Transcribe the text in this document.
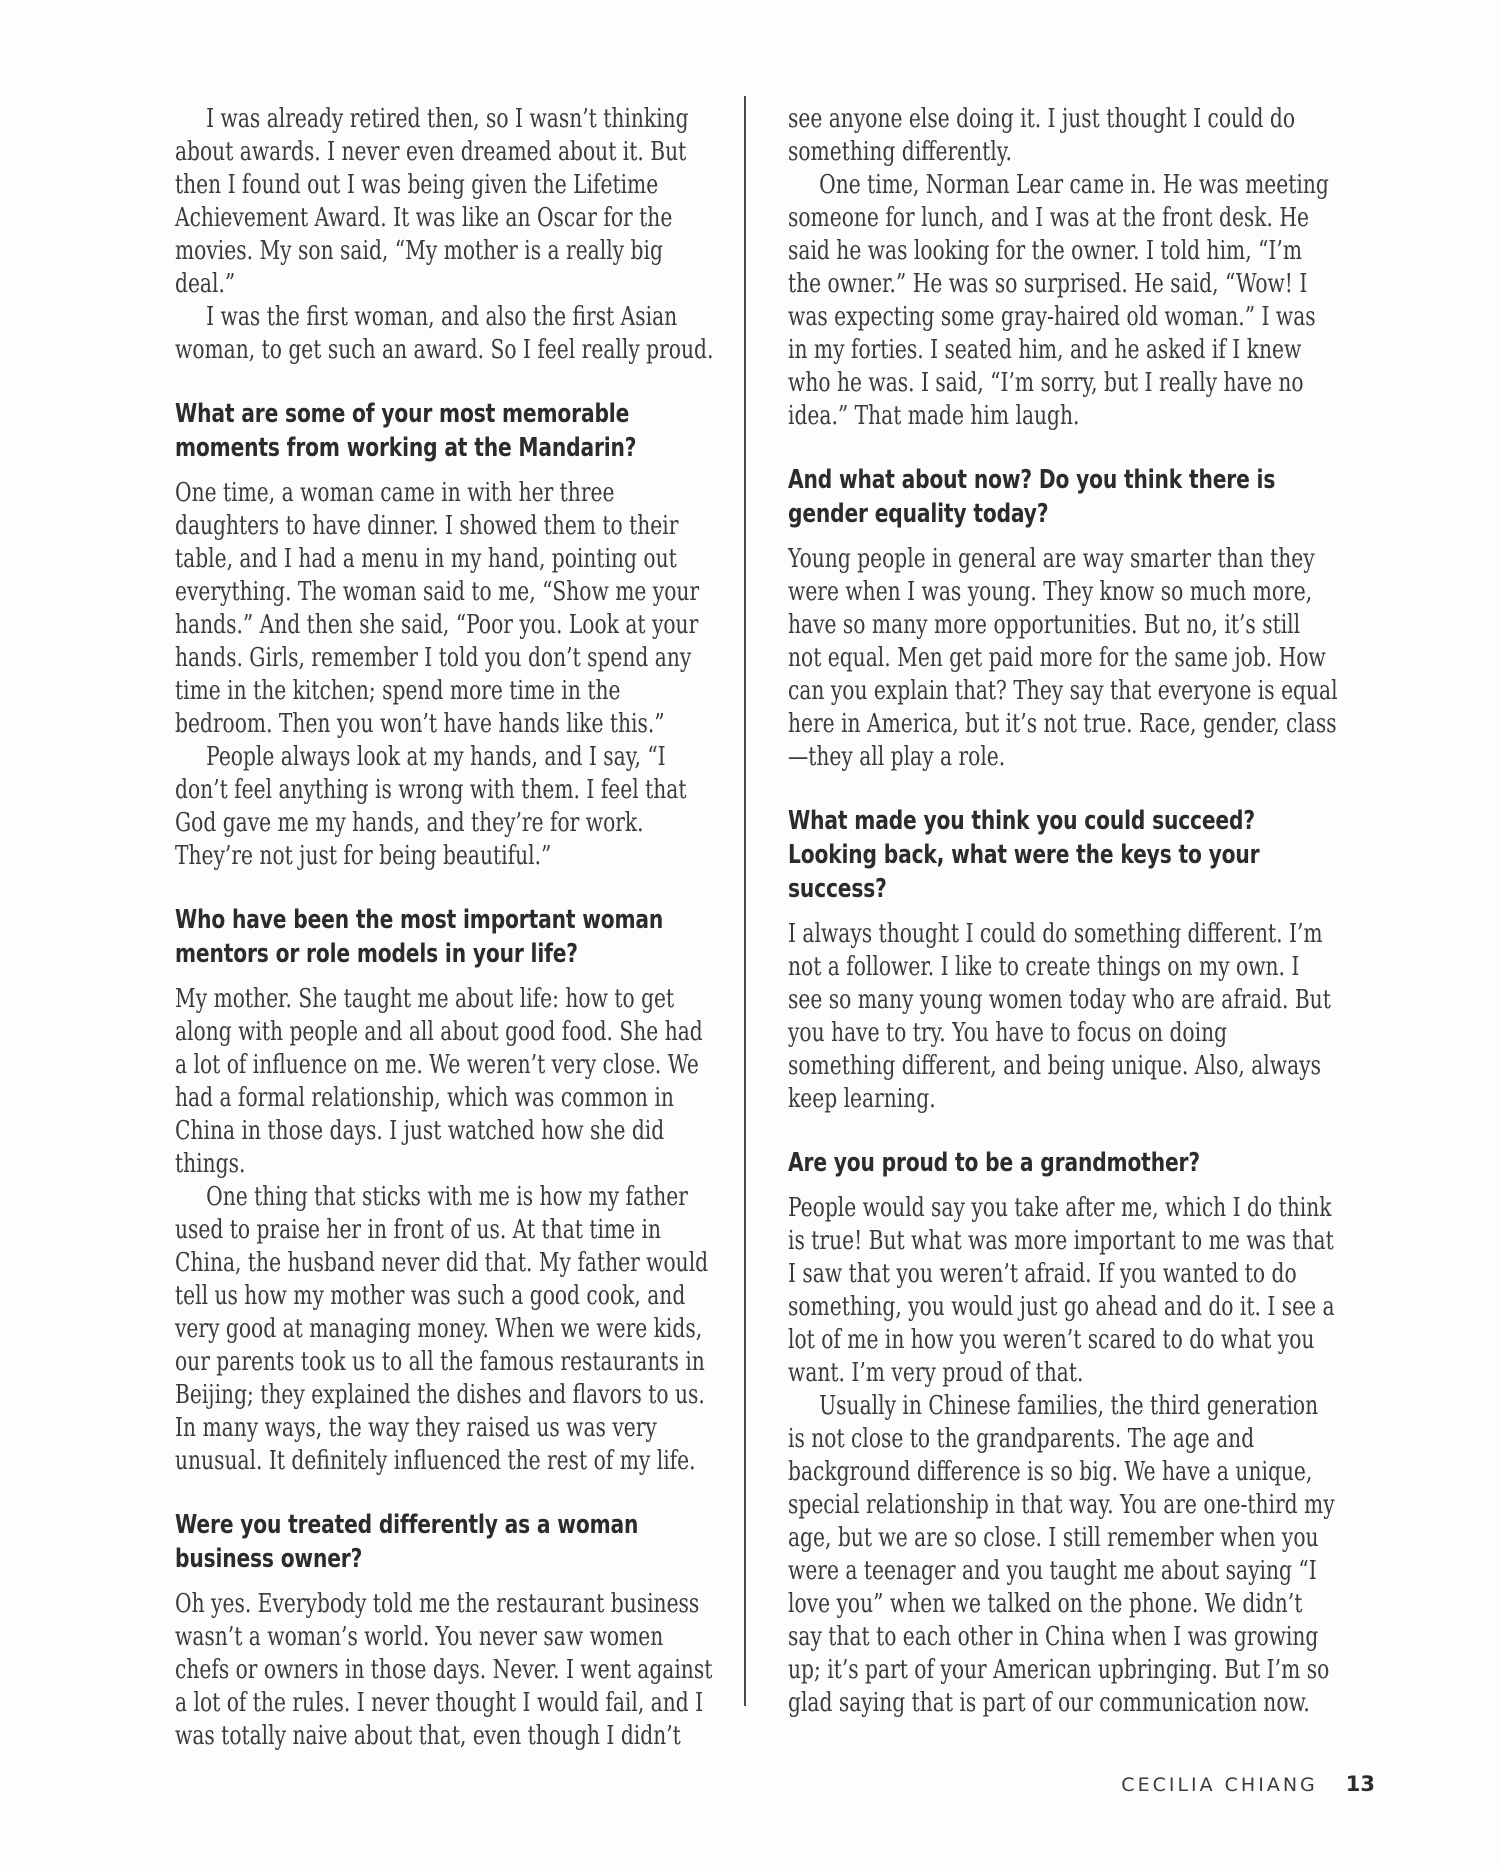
I was already retired then, so I wasn’t thinking about awards. I never even dreamed about it. But then I found out I was being given the Lifetime Achievement Award. It was like an Oscar for the movies. My son said, “My mother is a really big deal.”
I was the first woman, and also the first Asian woman, to get such an award. So I feel really proud.
What are some of your most memorable moments from working at the Mandarin?
One time, a woman came in with her three daughters to have dinner. I showed them to their table, and I had a menu in my hand, pointing out everything. The woman said to me, “Show me your hands.” And then she said, “Poor you. Look at your hands. Girls, remember I told you don’t spend any time in the kitchen; spend more time in the bedroom. Then you won’t have hands like this.”
People always look at my hands, and I say, “I don’t feel anything is wrong with them. I feel that God gave me my hands, and they’re for work. They’re not just for being beautiful.”
Who have been the most important woman mentors or role models in your life?
My mother. She taught me about life: how to get along with people and all about good food. She had a lot of influence on me. We weren’t very close. We had a formal relationship, which was common in China in those days. I just watched how she did things.
One thing that sticks with me is how my father used to praise her in front of us. At that time in China, the husband never did that. My father would tell us how my mother was such a good cook, and very good at managing money. When we were kids, our parents took us to all the famous restaurants in Beijing; they explained the dishes and flavors to us. In many ways, the way they raised us was very unusual. It definitely influenced the rest of my life.
Were you treated differently as a woman business owner?
Oh yes. Everybody told me the restaurant business wasn’t a woman’s world. You never saw women chefs or owners in those days. Never. I went against a lot of the rules. I never thought I would fail, and I was totally naive about that, even though I didn’t
see anyone else doing it. I just thought I could do something differently.
One time, Norman Lear came in. He was meeting someone for lunch, and I was at the front desk. He said he was looking for the owner. I told him, “I’m the owner.” He was so surprised. He said, “Wow! I was expecting some gray-haired old woman.” I was in my forties. I seated him, and he asked if I knew who he was. I said, “I’m sorry, but I really have no idea.” That made him laugh.
And what about now? Do you think there is gender equality today?
Young people in general are way smarter than they were when I was young. They know so much more, have so many more opportunities. But no, it’s still not equal. Men get paid more for the same job. How can you explain that? They say that everyone is equal here in America, but it’s not true. Race, gender, class—they all play a role.
What made you think you could succeed? Looking back, what were the keys to your success?
I always thought I could do something different. I’m not a follower. I like to create things on my own. I see so many young women today who are afraid. But you have to try. You have to focus on doing something different, and being unique. Also, always keep learning.
Are you proud to be a grandmother?
People would say you take after me, which I do think is true! But what was more important to me was that I saw that you weren’t afraid. If you wanted to do something, you would just go ahead and do it. I see a lot of me in how you weren’t scared to do what you want. I’m very proud of that.
Usually in Chinese families, the third generation is not close to the grandparents. The age and background difference is so big. We have a unique, special relationship in that way. You are one-third my age, but we are so close. I still remember when you were a teenager and you taught me about saying “I love you” when we talked on the phone. We didn’t say that to each other in China when I was growing up; it’s part of your American upbringing. But I’m so glad saying that is part of our communication now.
CECILIA CHIANG 13
